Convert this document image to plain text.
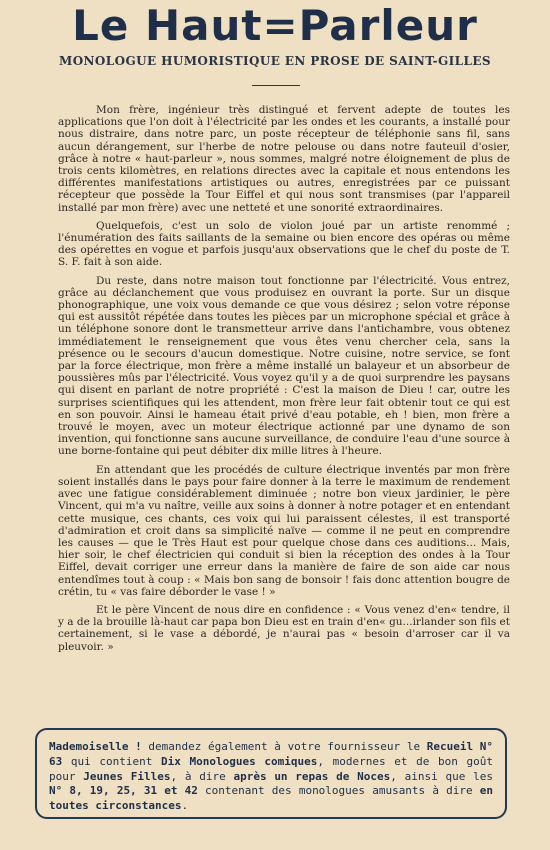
Le Haut=Parleur
MONOLOGUE HUMORISTIQUE EN PROSE DE SAINT-GILLES

Mon frère, ingénieur très distingué et fervent adepte de toutes les applications que l'on doit à l'électricité par les ondes et les courants, a installé pour nous distraire, dans notre parc, un poste récepteur de téléphonie sans fil, sans aucun dérangement, sur l'herbe de notre pelouse ou dans notre fauteuil d'osier, grâce à notre « haut-parleur », nous sommes, malgré notre éloignement de plus de trois cents kilomètres, en relations directes avec la capitale et nous entendons les différentes manifestations artistiques ou autres, enregistrées par ce puissant récepteur que possède la Tour Eiffel et qui nous sont transmises (par l'appareil installé par mon frère) avec une netteté et une sonorité extraordinaires.

Quelquefois, c'est un solo de violon joué par un artiste renommé ; l'énumération des faits saillants de la semaine ou bien encore des opéras ou même des opérettes en vogue et parfois jusqu'aux observations que le chef du poste de T. S. F. fait à son aide.

Du reste, dans notre maison tout fonctionne par l'électricité. Vous entrez, grâce au déclanchement que vous produisez en ouvrant la porte. Sur un disque phonographique, une voix vous demande ce que vous désirez ; selon votre réponse qui est aussitôt répétée dans toutes les pièces par un microphone spécial et grâce à un téléphone sonore dont le transmetteur arrive dans l'antichambre, vous obtenez immédiatement le renseignement que vous êtes venu chercher cela, sans la présence ou le secours d'aucun domestique. Notre cuisine, notre service, se font par la force électrique, mon frère a même installé un balayeur et un absorbeur de poussières mûs par l'électricité. Vous voyez qu'il y a de quoi surprendre les paysans qui disent en parlant de notre propriété : C'est la maison de Dieu ! car, outre les surprises scientifiques qui les attendent, mon frère leur fait obtenir tout ce qui est en son pouvoir. Ainsi le hameau était privé d'eau potable, eh ! bien, mon frère a trouvé le moyen, avec un moteur électrique actionné par une dynamo de son invention, qui fonctionne sans aucune surveillance, de conduire l'eau d'une source à une borne-fontaine qui peut débiter dix mille litres à l'heure.

En attendant que les procédés de culture électrique inventés par mon frère soient installés dans le pays pour faire donner à la terre le maximum de rendement avec une fatigue considérablement diminuée ; notre bon vieux jardinier, le père Vincent, qui m'a vu naître, veille aux soins à donner à notre potager et en entendant cette musique, ces chants, ces voix qui lui paraissent célestes, il est transporté d'admiration et croit dans sa simplicité naïve — comme il ne peut en comprendre les causes — que le Très Haut est pour quelque chose dans ces auditions... Mais, hier soir, le chef électricien qui conduit si bien la réception des ondes à la Tour Eiffel, devait corriger une erreur dans la manière de faire de son aide car nous entendîmes tout à coup : « Mais bon sang de bonsoir ! fais donc attention bougre de crétin, tu « vas faire déborder le vase ! »

Et le père Vincent de nous dire en confidence : « Vous venez d'en« tendre, il y a de la brouille là-haut car papa bon Dieu est en train d'en« gu...irlander son fils et certainement, si le vase a débordé, je n'aurai pas « besoin d'arroser car il va pleuvoir. »

Mademoiselle ! demandez également à votre fournisseur le Recueil N° 63 qui contient Dix Monologues comiques, modernes et de bon goût pour Jeunes Filles, à dire après un repas de Noces, ainsi que les N° 8, 19, 25, 31 et 42 contenant des monologues amusants à dire en toutes circonstances.
